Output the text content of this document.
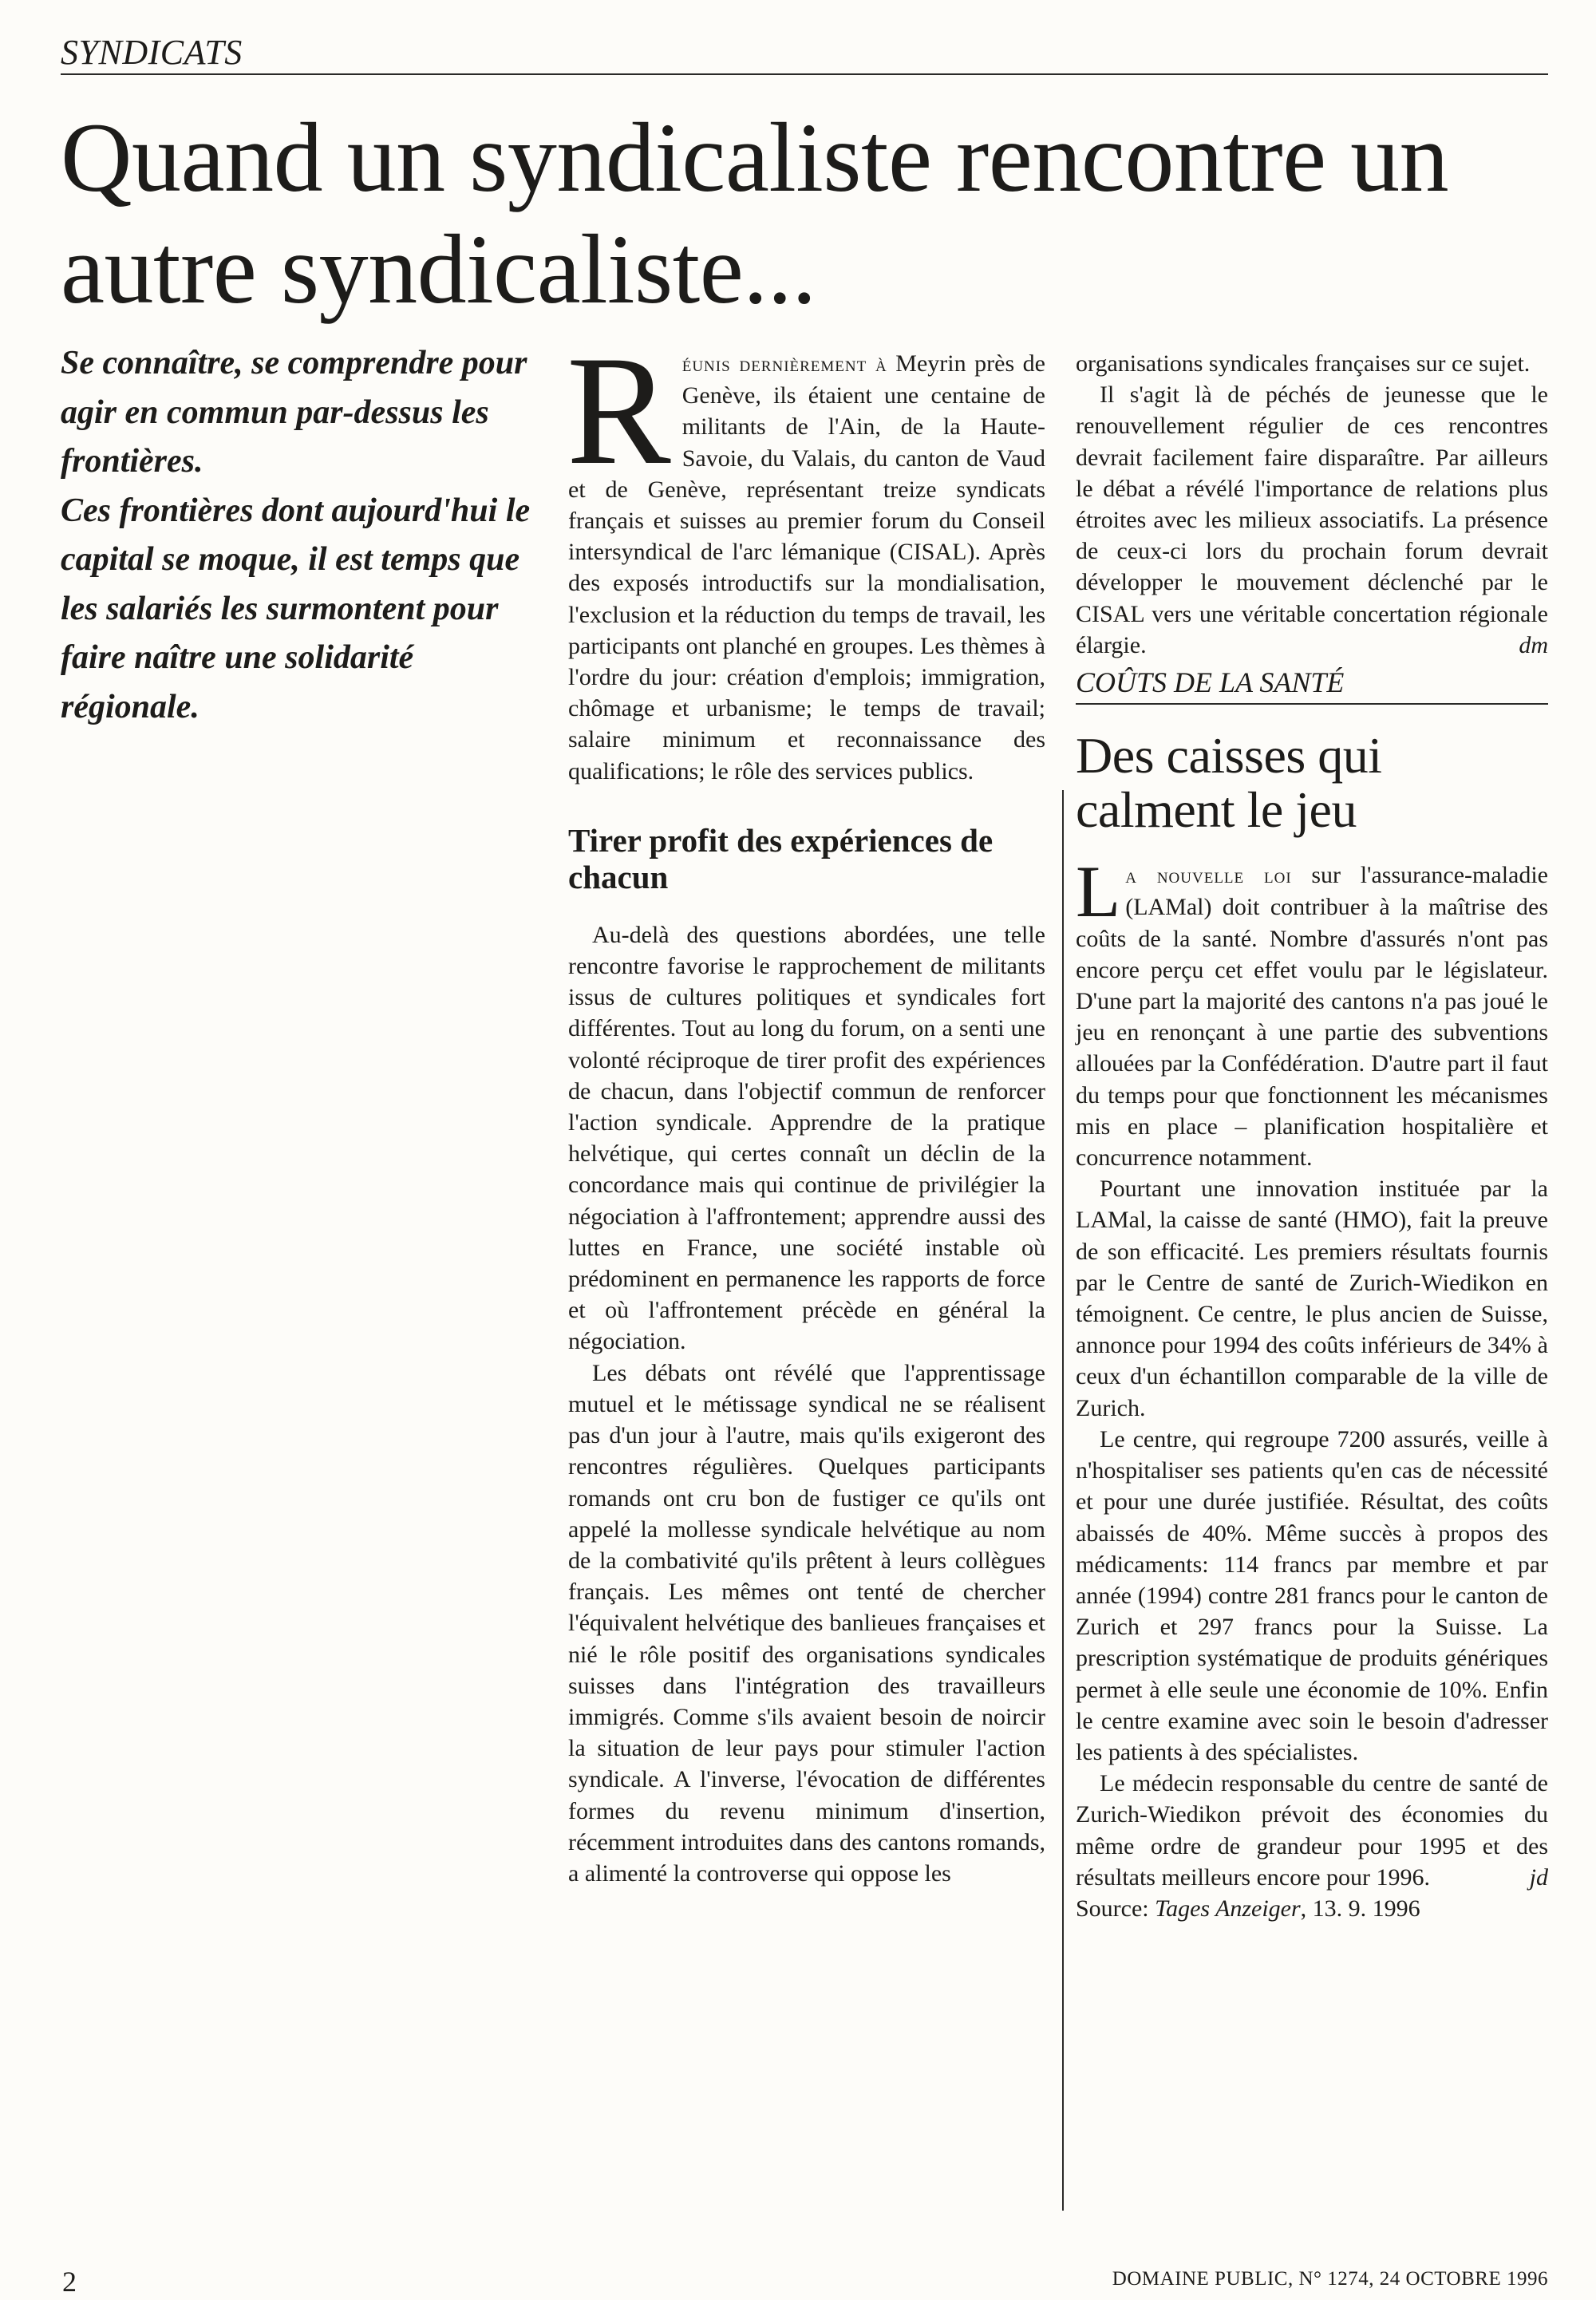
SYNDICATS
Quand un syndicaliste rencontre un autre syndicaliste...

Se connaître, se comprendre pour agir en commun par-dessus les frontières.

Ces frontières dont aujourd'hui le capital se moque, il est temps que les salariés les surmontent pour faire naître une solidarité régionale.

Réunis dernièrement à Meyrin près de Genève, ils étaient une centaine de militants de l'Ain, de la Haute-Savoie, du Valais, du canton de Vaud et de Genève, représentant treize syndicats français et suisses au premier forum du Conseil intersyndical de l'arc lémanique (CISAL). Après des exposés introductifs sur la mondialisation, l'exclusion et la réduction du temps de travail, les participants ont planché en groupes. Les thèmes à l'ordre du jour: création d'emplois; immigration, chômage et urbanisme; le temps de travail; salaire minimum et reconnaissance des qualifications; le rôle des services publics.

Tirer profit des expériences de chacun

Au-delà des questions abordées, une telle rencontre favorise le rapprochement de militants issus de cultures politiques et syndicales fort différentes. Tout au long du forum, on a senti une volonté réciproque de tirer profit des expériences de chacun, dans l'objectif commun de renforcer l'action syndicale. Apprendre de la pratique helvétique, qui certes connaît un déclin de la concordance mais qui continue de privilégier la négociation à l'affrontement; apprendre aussi des luttes en France, une société instable où prédominent en permanence les rapports de force et où l'affrontement précède en général la négociation.

Les débats ont révélé que l'apprentissage mutuel et le métissage syndical ne se réalisent pas d'un jour à l'autre, mais qu'ils exigeront des rencontres régulières. Quelques participants romands ont cru bon de fustiger ce qu'ils ont appelé la mollesse syndicale helvétique au nom de la combativité qu'ils prêtent à leurs collègues français. Les mêmes ont tenté de chercher l'équivalent helvétique des banlieues françaises et nié le rôle positif des organisations syndicales suisses dans l'intégration des travailleurs immigrés. Comme s'ils avaient besoin de noircir la situation de leur pays pour stimuler l'action syndicale. A l'inverse, l'évocation de différentes formes du revenu minimum d'insertion, récemment introduites dans des cantons romands, a alimenté la controverse qui oppose les

organisations syndicales françaises sur ce sujet.

Il s'agit là de péchés de jeunesse que le renouvellement régulier de ces rencontres devrait facilement faire disparaître. Par ailleurs le débat a révélé l'importance de relations plus étroites avec les milieux associatifs. La présence de ceux-ci lors du prochain forum devrait développer le mouvement déclenché par le CISAL vers une véritable concertation régionale élargie.	dm

COÛTS DE LA SANTÉ

Des caisses qui calment le jeu

La nouvelle loi sur l'assurance-maladie (LAMal) doit contribuer à la maîtrise des coûts de la santé. Nombre d'assurés n'ont pas encore perçu cet effet voulu par le législateur. D'une part la majorité des cantons n'a pas joué le jeu en renonçant à une partie des subventions allouées par la Confédération. D'autre part il faut du temps pour que fonctionnent les mécanismes mis en place – planification hospitalière et concurrence notamment.

Pourtant une innovation instituée par la LAMal, la caisse de santé (HMO), fait la preuve de son efficacité. Les premiers résultats fournis par le Centre de santé de Zurich-Wiedikon en témoignent. Ce centre, le plus ancien de Suisse, annonce pour 1994 des coûts inférieurs de 34% à ceux d'un échantillon comparable de la ville de Zurich.

Le centre, qui regroupe 7200 assurés, veille à n'hospitaliser ses patients qu'en cas de nécessité et pour une durée justifiée. Résultat, des coûts abaissés de 40%. Même succès à propos des médicaments: 114 francs par membre et par année (1994) contre 281 francs pour le canton de Zurich et 297 francs pour la Suisse. La prescription systématique de produits génériques permet à elle seule une économie de 10%. Enfin le centre examine avec soin le besoin d'adresser les patients à des spécialistes.

Le médecin responsable du centre de santé de Zurich-Wiedikon prévoit des économies du même ordre de grandeur pour 1995 et des résultats meilleurs encore pour 1996.	jd

Source: Tages Anzeiger, 13. 9. 1996

2	DOMAINE PUBLIC, N° 1274, 24 OCTOBRE 1996
